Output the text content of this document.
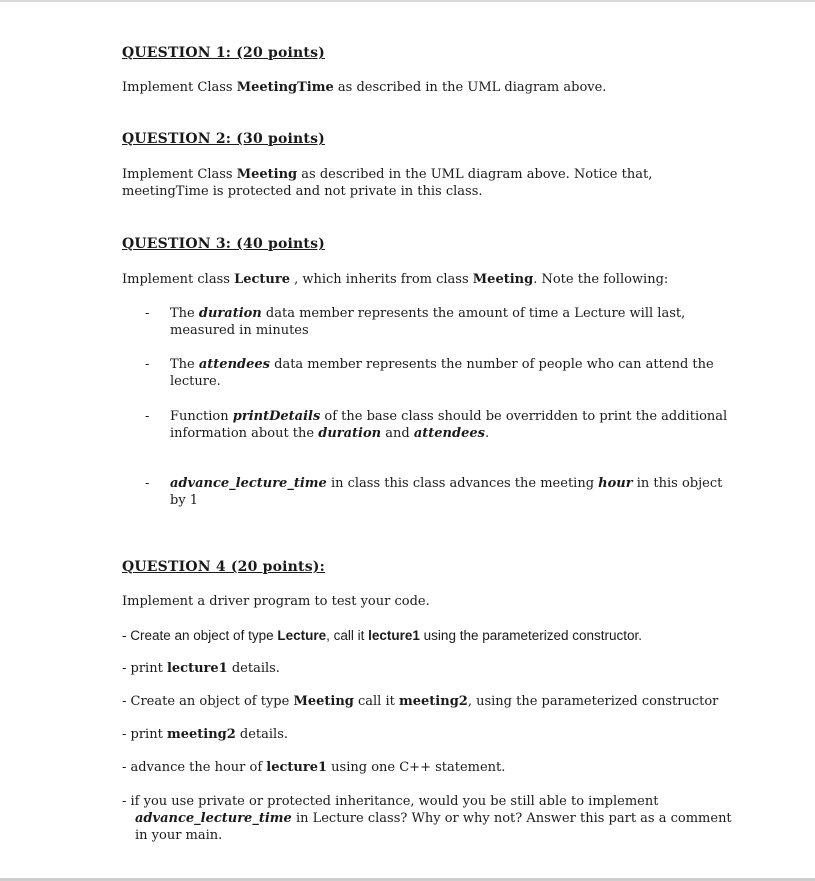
QUESTION 1: (20 points)
Implement Class MeetingTime as described in the UML diagram above.
QUESTION 2: (30 points)
Implement Class Meeting as described in the UML diagram above. Notice that,
meetingTime is protected and not private in this class.
QUESTION 3: (40 points)
Implement class Lecture , which inherits from class Meeting. Note the following:
- The duration data member represents the amount of time a Lecture will last,
measured in minutes
- The attendees data member represents the number of people who can attend the
lecture.
- Function printDetails of the base class should be overridden to print the additional
information about the duration and attendees.
- advance_lecture_time in class this class advances the meeting hour in this object
by 1
QUESTION 4 (20 points):
Implement a driver program to test your code.
- Create an object of type Lecture, call it lecture1 using the parameterized constructor.
- print lecture1 details.
- Create an object of type Meeting call it meeting2, using the parameterized constructor
- print meeting2 details.
- advance the hour of lecture1 using one C++ statement.
- if you use private or protected inheritance, would you be still able to implement
advance_lecture_time in Lecture class? Why or why not? Answer this part as a comment
in your main.
